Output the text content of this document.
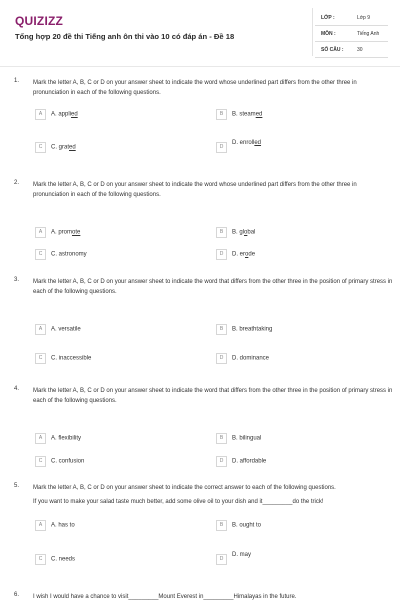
QUIZIZZ
Tổng hợp 20 đề thi Tiếng anh ôn thi vào 10 có đáp án - Đề 18
LỚP :	Lớp 9
MÔN :	Tiếng Anh
SỐ CÂU :	30
1. Mark the letter A, B, C or D on your answer sheet to indicate the word whose underlined part differs from the other three in pronunciation in each of the following questions.
A A. applied	B B. steamed
C C. grated	DD. enrolled
2. Mark the letter A, B, C or D on your answer sheet to indicate the word whose underlined part differs from the other three in pronunciation in each of the following questions.
A A. promote	B B. global
C C. astronomy	D D. erode
3. Mark the letter A, B, C or D on your answer sheet to indicate the word that differs from the other three in the position of primary stress in each of the following questions.
A A. versatile	B B. breathtaking
C C. inaccessible	D D. dominance
4. Mark the letter A, B, C or D on your answer sheet to indicate the word that differs from the other three in the position of primary stress in each of the following questions.
A A. flexibility	B B. bilingual
C C. confusion	D D. affordable
5. Mark the letter A, B, C or D on your answer sheet to indicate the correct answer to each of the following questions.
If you want to make your salad taste much better, add some olive oil to your dish and it_________do the trick!
A A. has to	B B. ought to
C C. needs	DD. may
6. I wish I would have a chance to visit_________Mount Everest in_________Himalayas in the future.
